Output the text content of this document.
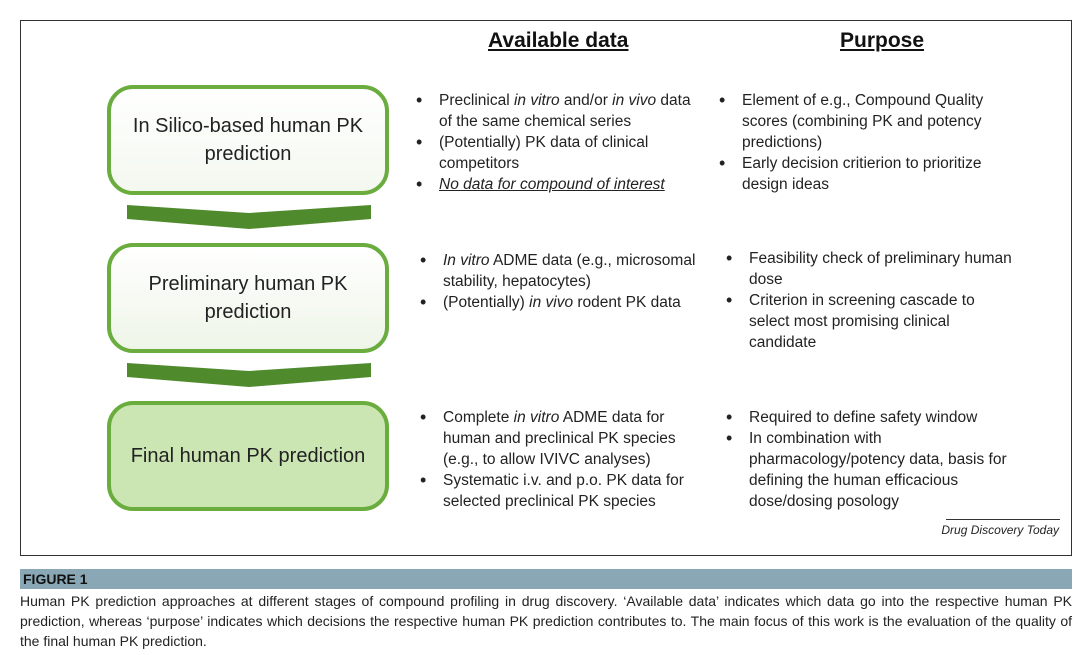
Available data	Purpose
In Silico-based human PK prediction
Preliminary human PK prediction
Final human PK prediction
• Preclinical in vitro and/or in vivo data of the same chemical series
• (Potentially) PK data of clinical competitors
• No data for compound of interest
• Element of e.g., Compound Quality scores (combining PK and potency predictions)
• Early decision critierion to prioritize design ideas
• In vitro ADME data (e.g., microsomal stability, hepatocytes)
• (Potentially) in vivo rodent PK data
• Feasibility check of preliminary human dose
• Criterion in screening cascade to select most promising clinical candidate
• Complete in vitro ADME data for human and preclinical PK species (e.g., to allow IVIVC analyses)
• Systematic i.v. and p.o. PK data for selected preclinical PK species
• Required to define safety window
• In combination with pharmacology/potency data, basis for defining the human efficacious dose/dosing posology
Drug Discovery Today
FIGURE 1
Human PK prediction approaches at different stages of compound profiling in drug discovery. ‘Available data’ indicates which data go into the respective human PK prediction, whereas ‘purpose’ indicates which decisions the respective human PK prediction contributes to. The main focus of this work is the evaluation of the quality of the final human PK prediction.
